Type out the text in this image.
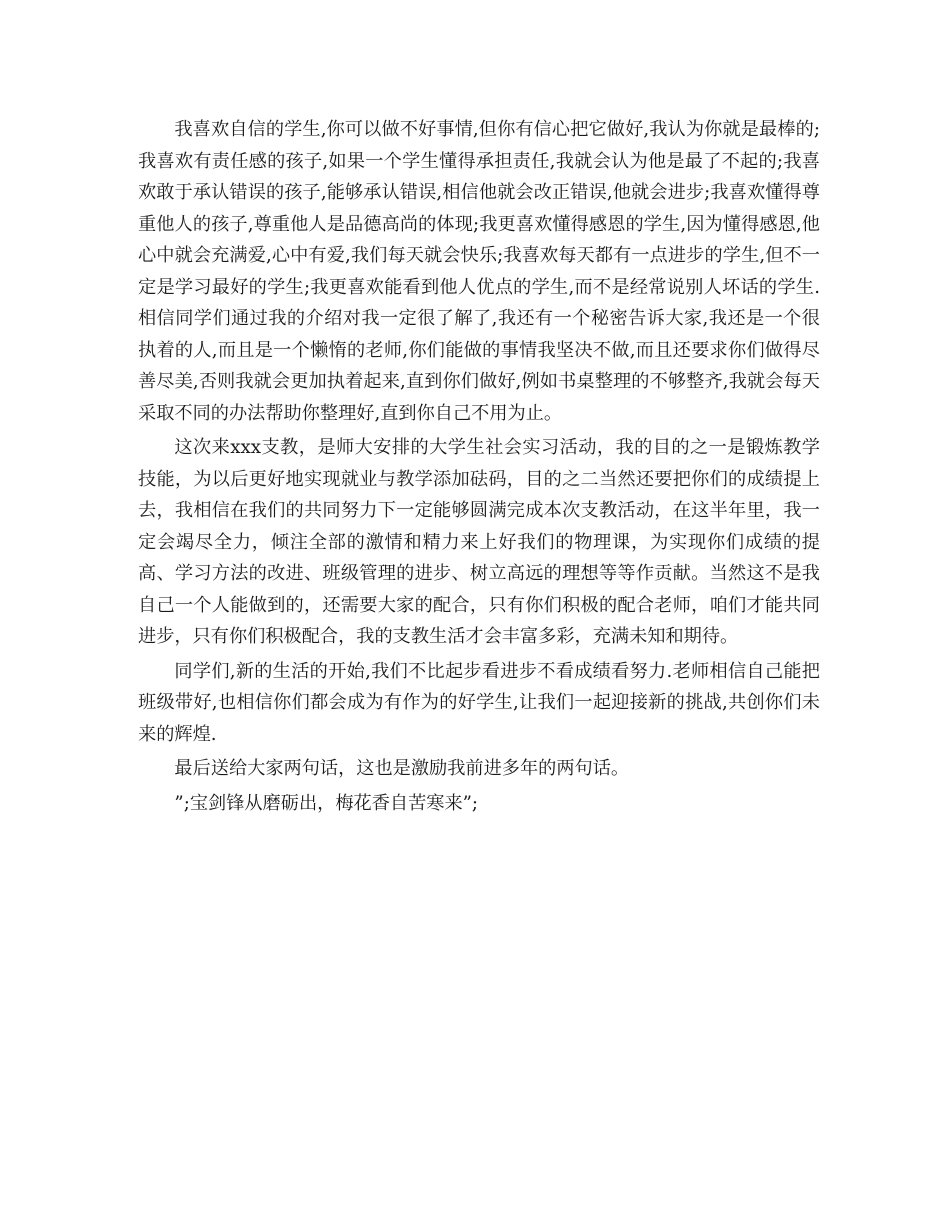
我喜欢自信的学生,你可以做不好事情,但你有信心把它做好,我认为你就是最棒的;我喜欢有责任感的孩子,如果一个学生懂得承担责任,我就会认为他是最了不起的;我喜欢敢于承认错误的孩子,能够承认错误,相信他就会改正错误,他就会进步;我喜欢懂得尊重他人的孩子,尊重他人是品德高尚的体现;我更喜欢懂得感恩的学生,因为懂得感恩,他心中就会充满爱,心中有爱,我们每天就会快乐;我喜欢每天都有一点进步的学生,但不一定是学习最好的学生;我更喜欢能看到他人优点的学生,而不是经常说别人坏话的学生.相信同学们通过我的介绍对我一定很了解了,我还有一个秘密告诉大家,我还是一个很执着的人,而且是一个懒惰的老师,你们能做的事情我坚决不做,而且还要求你们做得尽善尽美,否则我就会更加执着起来,直到你们做好,例如书桌整理的不够整齐,我就会每天采取不同的办法帮助你整理好,直到你自己不用为止。

这次来xxx支教，是师大安排的大学生社会实习活动，我的目的之一是锻炼教学技能，为以后更好地实现就业与教学添加砝码，目的之二当然还要把你们的成绩提上去，我相信在我们的共同努力下一定能够圆满完成本次支教活动，在这半年里，我一定会竭尽全力，倾注全部的激情和精力来上好我们的物理课，为实现你们成绩的提高、学习方法的改进、班级管理的进步、树立高远的理想等等作贡献。当然这不是我自己一个人能做到的，还需要大家的配合，只有你们积极的配合老师，咱们才能共同进步，只有你们积极配合，我的支教生活才会丰富多彩，充满未知和期待。

同学们,新的生活的开始,我们不比起步看进步不看成绩看努力.老师相信自己能把班级带好,也相信你们都会成为有作为的好学生,让我们一起迎接新的挑战,共创你们未来的辉煌.

最后送给大家两句话，这也是激励我前进多年的两句话。

”;宝剑锋从磨砺出，梅花香自苦寒来”;
